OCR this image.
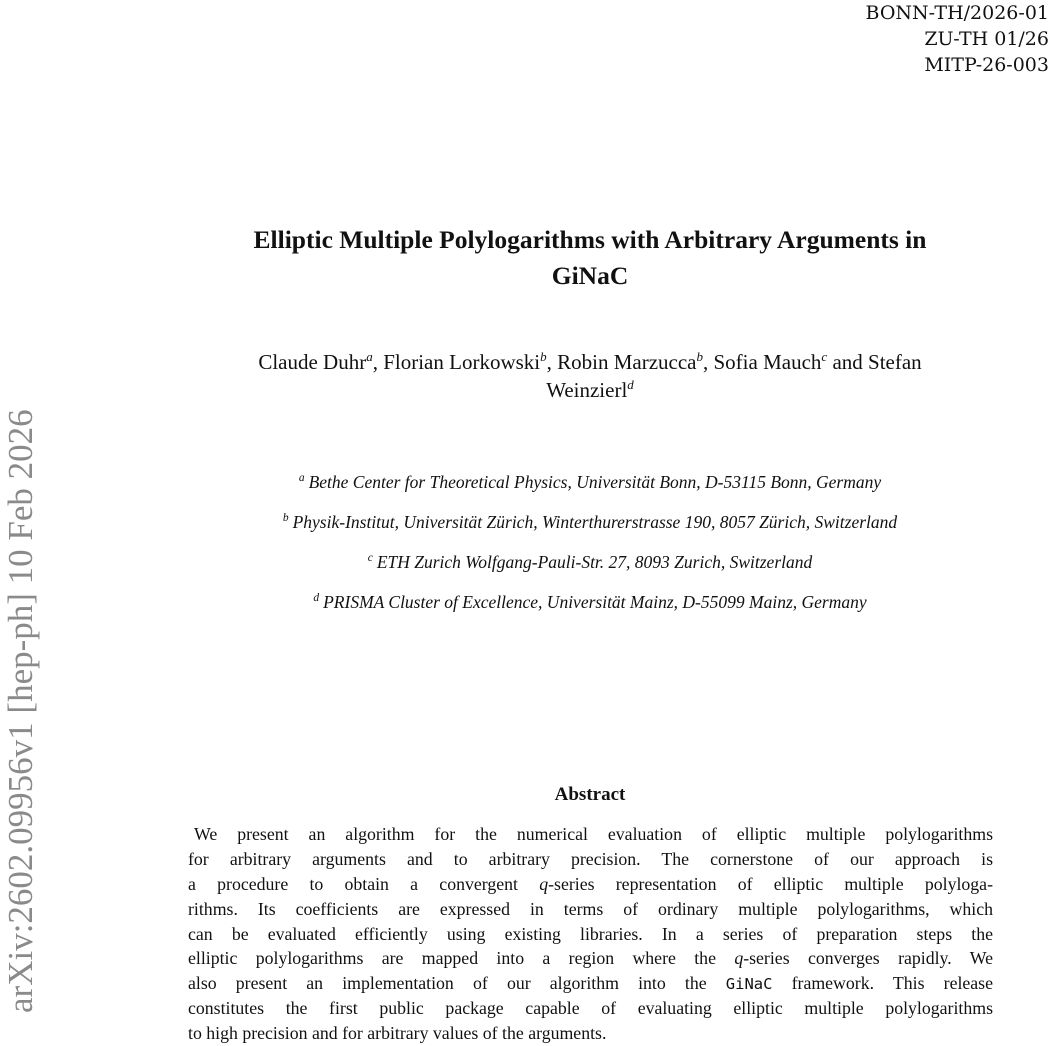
BONN-TH/2026-01
ZU-TH 01/26
MITP-26-003
arXiv:2602.09956v1 [hep-ph] 10 Feb 2026
Elliptic Multiple Polylogarithms with Arbitrary Arguments in
GiNaC
Claude Duhr$^a$, Florian Lorkowski$^b$, Robin Marzucca$^b$, Sofia Mauch$^c$ and Stefan
Weinzierl$^d$
$^a$ Bethe Center for Theoretical Physics, Universität Bonn, D-53115 Bonn, Germany
$^b$ Physik-Institut, Universität Zürich, Winterthurerstrasse 190, 8057 Zürich, Switzerland
$^c$ ETH Zurich Wolfgang-Pauli-Str. 27, 8093 Zurich, Switzerland
$^d$ PRISMA Cluster of Excellence, Universität Mainz, D-55099 Mainz, Germany
Abstract
We present an algorithm for the numerical evaluation of elliptic multiple polylogarithms
for arbitrary arguments and to arbitrary precision. The cornerstone of our approach is
a procedure to obtain a convergent q-series representation of elliptic multiple polyloga-
rithms. Its coefficients are expressed in terms of ordinary multiple polylogarithms, which
can be evaluated efficiently using existing libraries. In a series of preparation steps the
elliptic polylogarithms are mapped into a region where the q-series converges rapidly. We
also present an implementation of our algorithm into the GiNaC framework. This release
constitutes the first public package capable of evaluating elliptic multiple polylogarithms
to high precision and for arbitrary values of the arguments.
